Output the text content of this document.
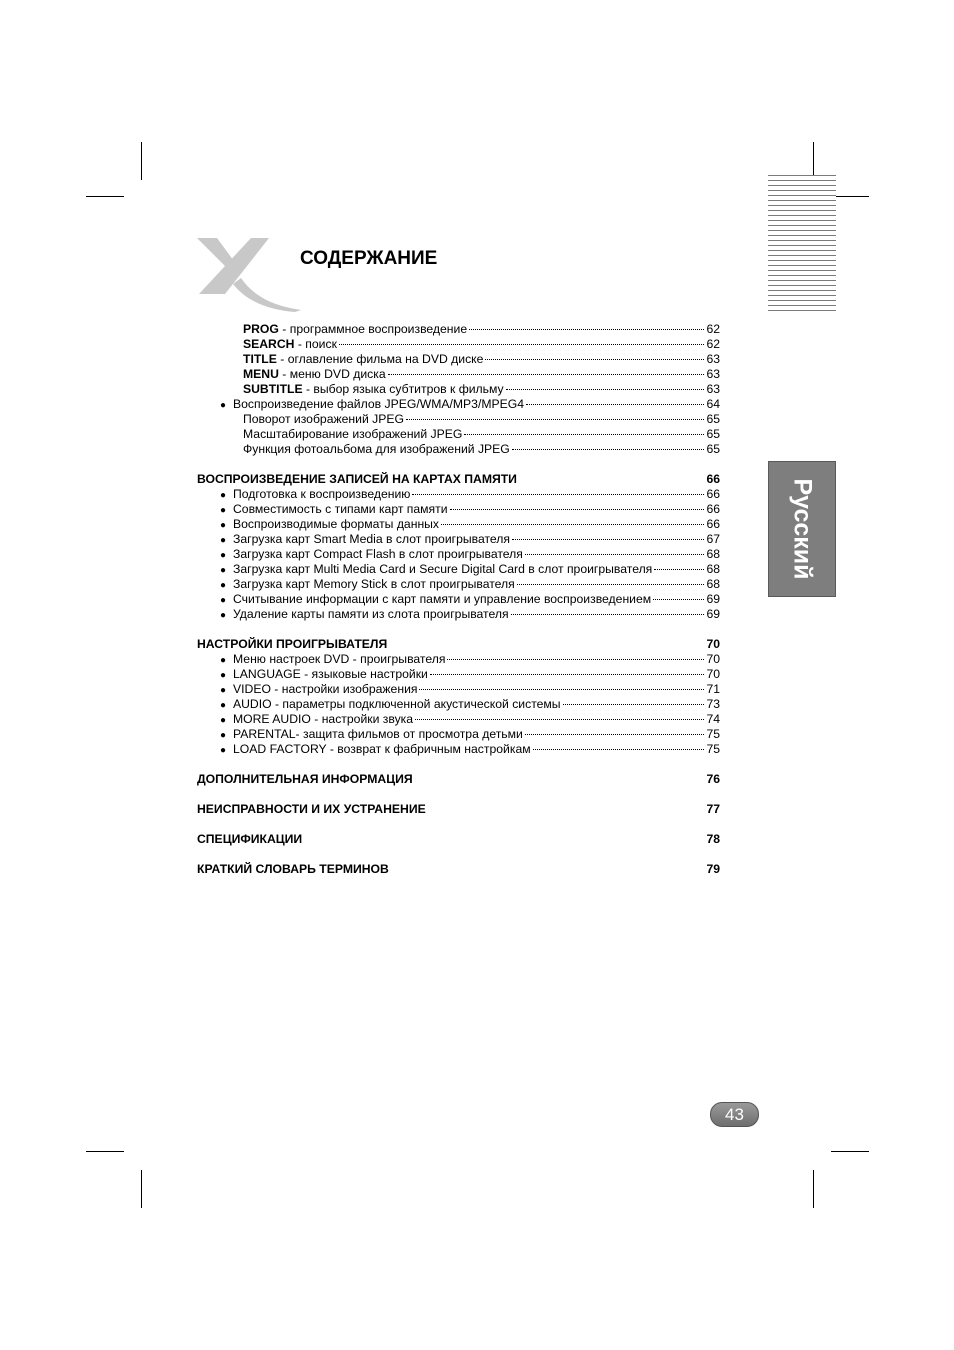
Русский
СОДЕРЖАНИЕ
PROG - программное воспроизведение	62
SEARCH - поиск	62
TITLE - оглавление фильма на DVD диске	63
MENU - меню DVD диска	63
SUBTITLE - выбор языка субтитров к фильму	63
● Воспроизведение файлов JPEG/WMA/MP3/MPEG4	64
Поворот изображений JPEG	65
Масштабирование изображений JPEG	65
Функция фотоальбома для изображений JPEG	65
ВОСПРОИЗВЕДЕНИЕ ЗАПИСЕЙ НА КАРТАХ ПАМЯТИ	66
● Подготовка к воспроизведению	66
● Совместимость с типами карт памяти	66
● Воспроизводимые форматы данных	66
● Загрузка карт Smart Media в слот проигрывателя	67
● Загрузка карт Compact Flash в слот проигрывателя	68
● Загрузка карт Multi Media Card и Secure Digital Card в слот проигрывателя	68
● Загрузка карт Memory Stick в слот проигрывателя	68
● Считывание информации с карт памяти и управление воспроизведением	69
● Удаление карты памяти из слота проигрывателя	69
НАСТРОЙКИ ПРОИГРЫВАТЕЛЯ	70
● Меню настроек DVD - проигрывателя	70
● LANGUAGE - языковые настройки	70
● VIDEO - настройки изображения	71
● AUDIO - параметры подключенной акустической системы	73
● MORE AUDIO - настройки звука	74
● PARENTAL- защита фильмов от просмотра детьми	75
● LOAD FACTORY - возврат к фабричным настройкам	75
ДОПОЛНИТЕЛЬНАЯ ИНФОРМАЦИЯ	76
НЕИСПРАВНОСТИ И ИХ УСТРАНЕНИЕ	77
СПЕЦИФИКАЦИИ	78
КРАТКИЙ СЛОВАРЬ ТЕРМИНОВ	79
43
